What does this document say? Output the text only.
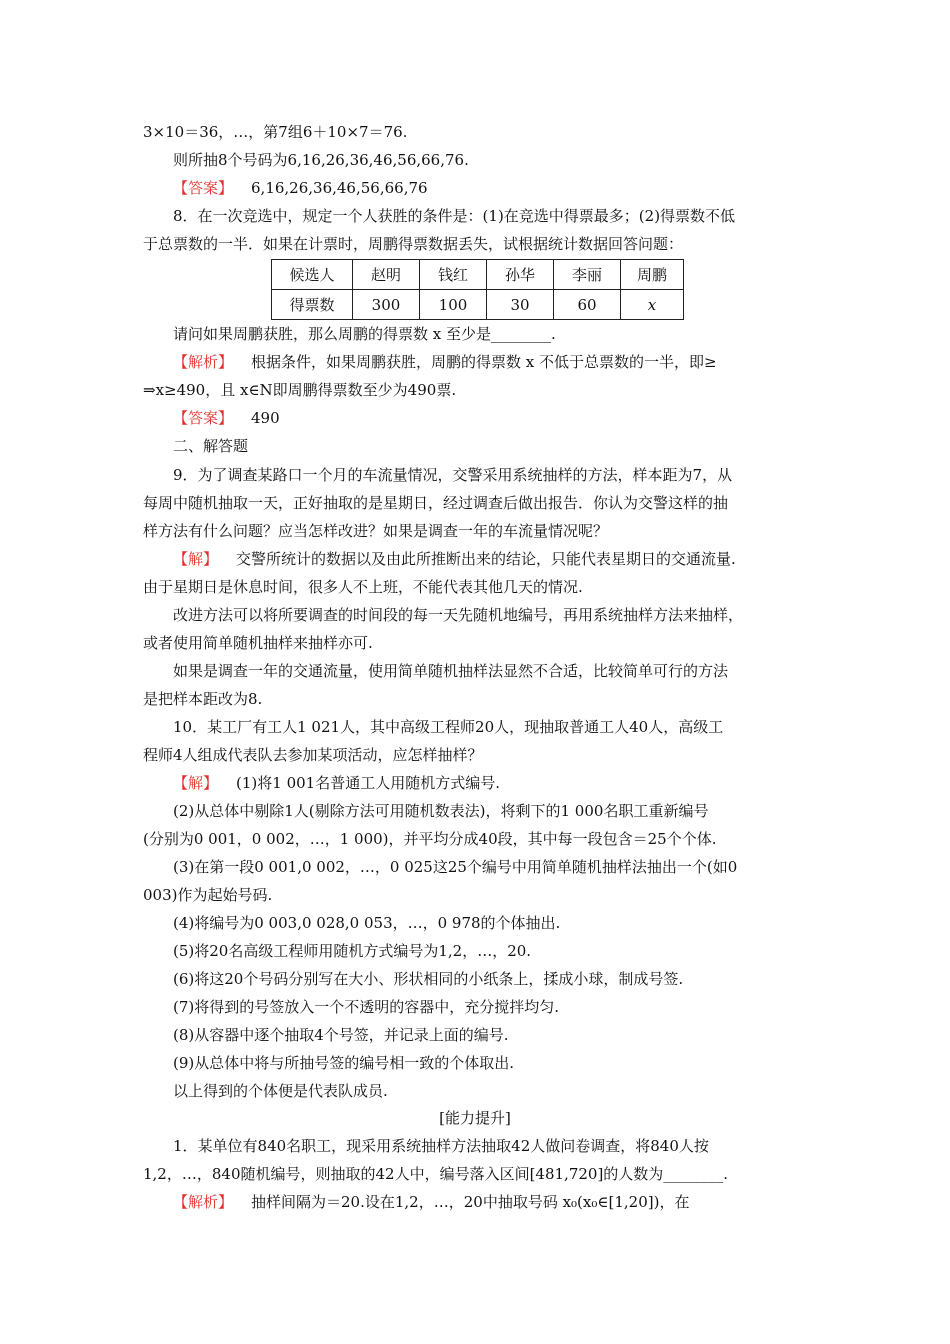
3×10＝36，…，第7组6＋10×7＝76.
则所抽8个号码为6,16,26,36,46,56,66,76.
【答案】 6,16,26,36,46,56,66,76
8．在一次竞选中，规定一个人获胜的条件是：(1)在竞选中得票最多；(2)得票数不低
于总票数的一半．如果在计票时，周鹏得票数据丢失，试根据统计数据回答问题：
候选人	赵明	钱红	孙华	李丽	周鹏
得票数	300	100	30	60	x
请问如果周鹏获胜，那么周鹏的得票数 x 至少是________.
【解析】 根据条件，如果周鹏获胜，周鹏的得票数 x 不低于总票数的一半，即≥
⇒x≥490，且 x∈N即周鹏得票数至少为490票.
【答案】 490
二、解答题
9．为了调查某路口一个月的车流量情况，交警采用系统抽样的方法，样本距为7，从
每周中随机抽取一天，正好抽取的是星期日，经过调查后做出报告．你认为交警这样的抽
样方法有什么问题？应当怎样改进？如果是调查一年的车流量情况呢？
【解】 交警所统计的数据以及由此所推断出来的结论，只能代表星期日的交通流量.
由于星期日是休息时间，很多人不上班，不能代表其他几天的情况.
改进方法可以将所要调查的时间段的每一天先随机地编号，再用系统抽样方法来抽样，
或者使用简单随机抽样来抽样亦可.
如果是调查一年的交通流量，使用简单随机抽样法显然不合适，比较简单可行的方法
是把样本距改为8.
10．某工厂有工人1 021人，其中高级工程师20人，现抽取普通工人40人，高级工
程师4人组成代表队去参加某项活动，应怎样抽样？
【解】 (1)将1 001名普通工人用随机方式编号.
(2)从总体中剔除1人(剔除方法可用随机数表法)，将剩下的1 000名职工重新编号
(分别为0 001，0 002，…，1 000)，并平均分成40段，其中每一段包含＝25个个体.
(3)在第一段0 001,0 002，…，0 025这25个编号中用简单随机抽样法抽出一个(如0
003)作为起始号码.
(4)将编号为0 003,0 028,0 053，…，0 978的个体抽出.
(5)将20名高级工程师用随机方式编号为1,2，…，20.
(6)将这20个号码分别写在大小、形状相同的小纸条上，揉成小球，制成号签.
(7)将得到的号签放入一个不透明的容器中，充分搅拌均匀.
(8)从容器中逐个抽取4个号签，并记录上面的编号.
(9)从总体中将与所抽号签的编号相一致的个体取出.
以上得到的个体便是代表队成员.
[能力提升]
1．某单位有840名职工，现采用系统抽样方法抽取42人做问卷调查，将840人按
1,2，…，840随机编号，则抽取的42人中，编号落入区间[481,720]的人数为________.
【解析】 抽样间隔为＝20.设在1,2，…，20中抽取号码 x₀(x₀∈[1,20])，在
